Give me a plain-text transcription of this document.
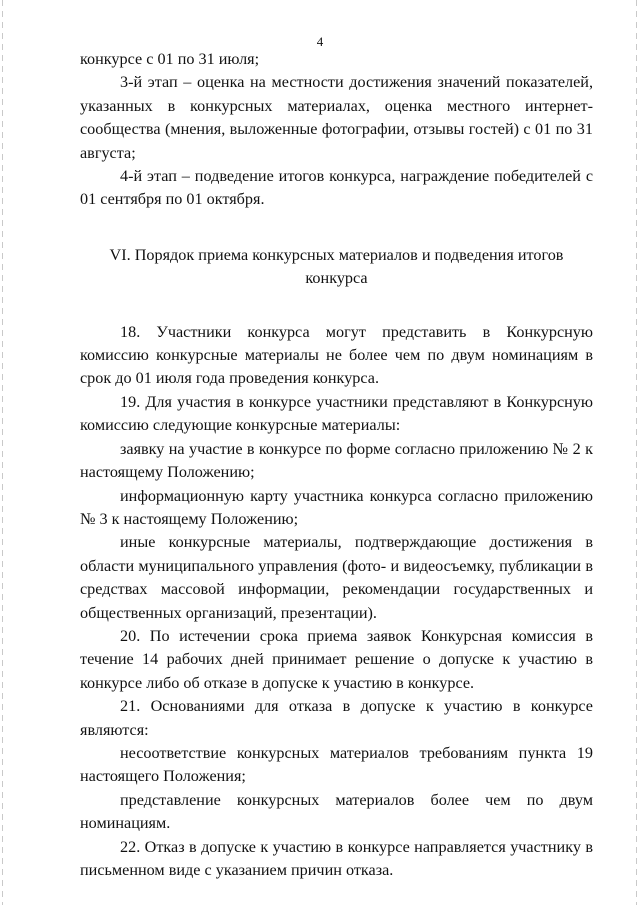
4

конкурсе с 01 по 31 июля;

3-й этап – оценка на местности достижения значений показателей, указанных в конкурсных материалах, оценка местного интернет-сообщества (мнения, выложенные фотографии, отзывы гостей) с 01 по 31 августа;

4-й этап – подведение итогов конкурса, награждение победителей с 01 сентября по 01 октября.

VI. Порядок приема конкурсных материалов и подведения итогов конкурса

18. Участники конкурса могут представить в Конкурсную комиссию конкурсные материалы не более чем по двум номинациям в срок до 01 июля года проведения конкурса.

19. Для участия в конкурсе участники представляют в Конкурсную комиссию следующие конкурсные материалы:

заявку на участие в конкурсе по форме согласно приложению № 2 к настоящему Положению;

информационную карту участника конкурса согласно приложению № 3 к настоящему Положению;

иные конкурсные материалы, подтверждающие достижения в области муниципального управления (фото- и видеосъемку, публикации в средствах массовой информации, рекомендации государственных и общественных организаций, презентации).

20. По истечении срока приема заявок Конкурсная комиссия в течение 14 рабочих дней принимает решение о допуске к участию в конкурсе либо об отказе в допуске к участию в конкурсе.

21. Основаниями для отказа в допуске к участию в конкурсе являются:

несоответствие конкурсных материалов требованиям пункта 19 настоящего Положения;

представление конкурсных материалов более чем по двум номинациям.

22. Отказ в допуске к участию в конкурсе направляется участнику в письменном виде с указанием причин отказа.
